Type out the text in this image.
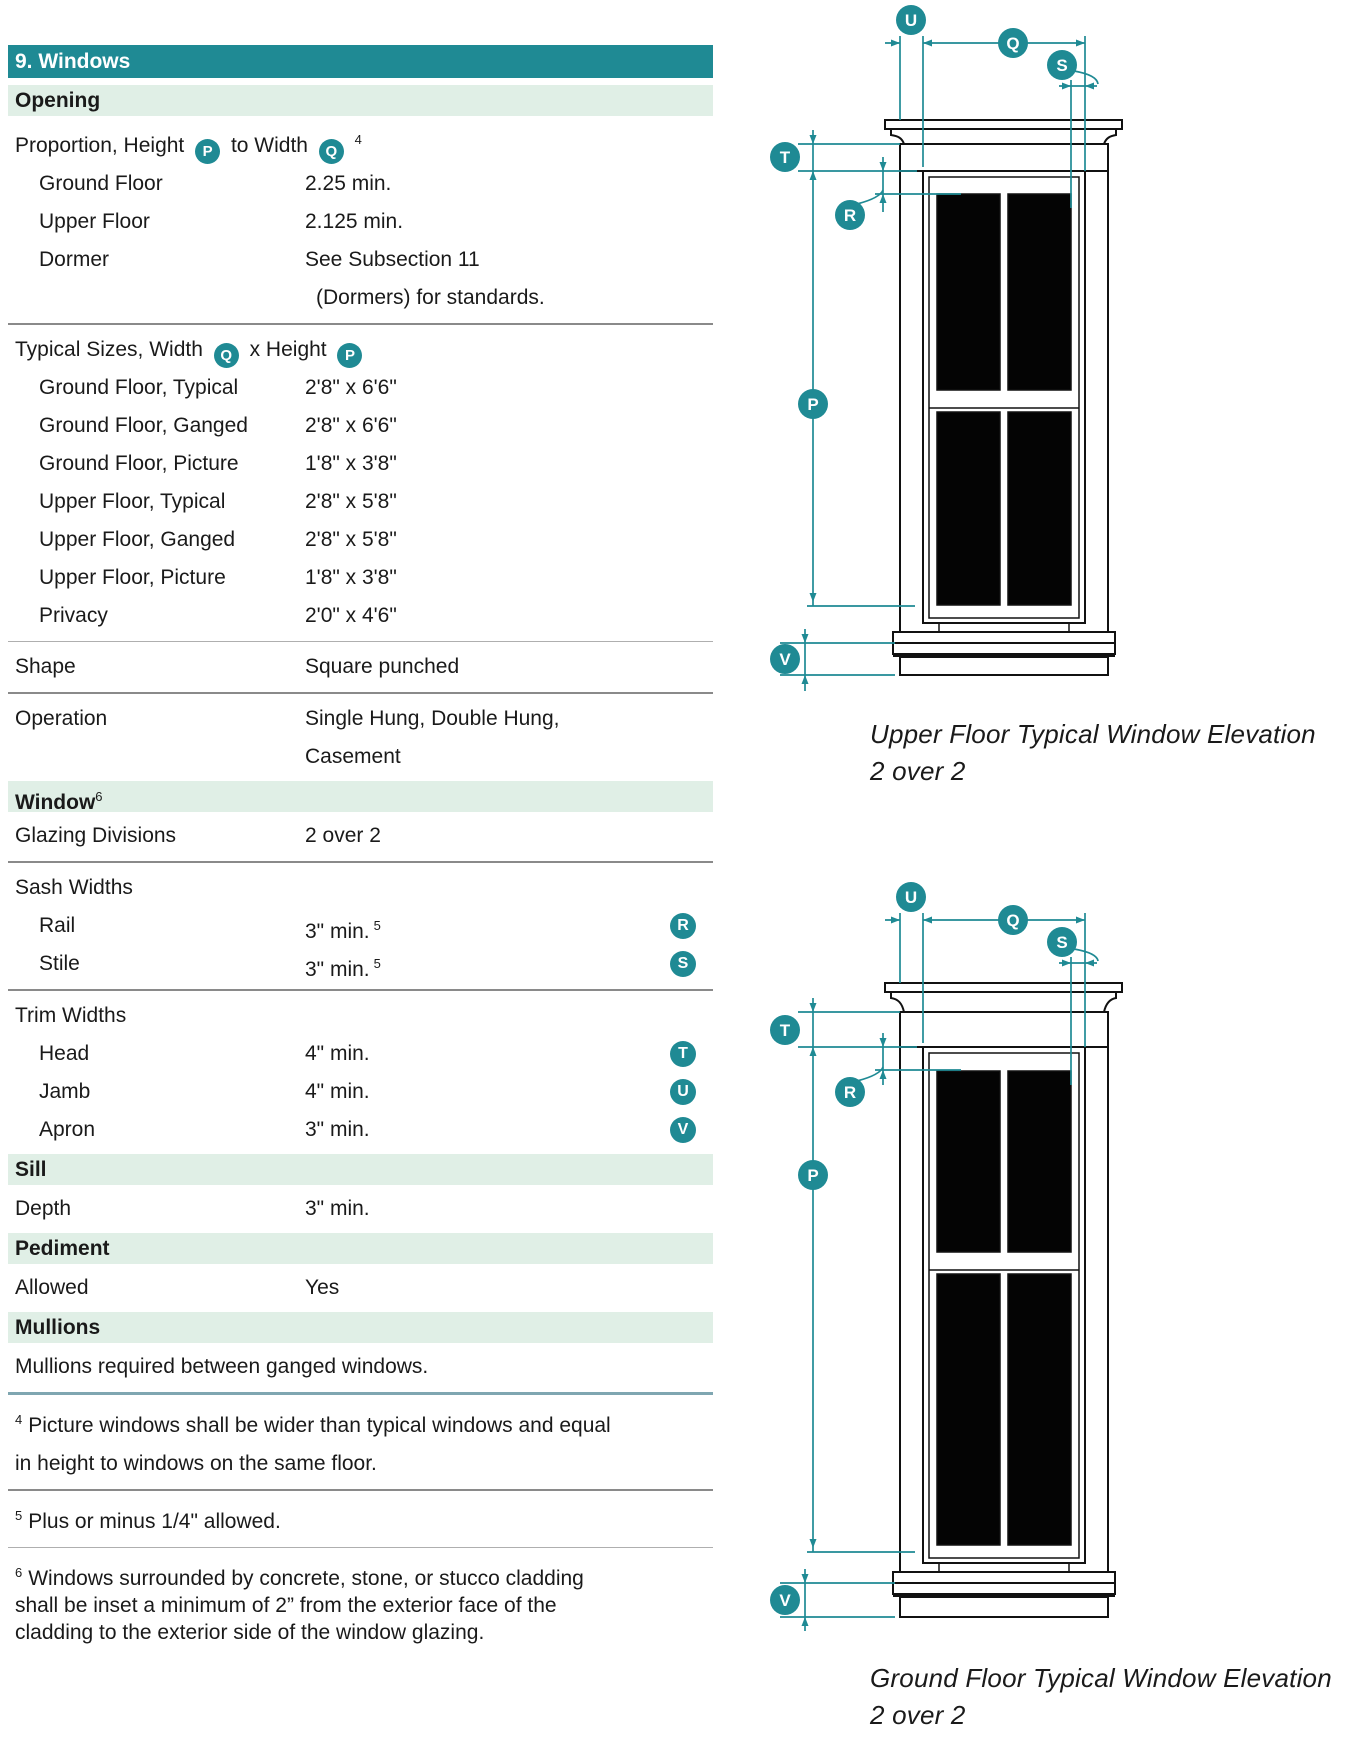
9. Windows
Opening
Proportion, Height P to Width Q $^4$
Ground Floor	2.25 min.
Upper Floor	2.125 min.
Dormer	See Subsection 11
(Dormers) for standards.
Typical Sizes, Width Q x Height P
Ground Floor, Typical	2'8" x 6'6"
Ground Floor, Ganged	2'8" x 6'6"
Ground Floor, Picture	1'8" x 3'8"
Upper Floor, Typical	2'8" x 5'8"
Upper Floor, Ganged	2'8" x 5'8"
Upper Floor, Picture	1'8" x 3'8"
Privacy	2'0" x 4'6"
Shape	Square punched
Operation	Single Hung, Double Hung,
Casement
Window$^6$
Glazing Divisions	2 over 2
Sash Widths
Rail	3" min. $^5$	R
Stile	3" min. $^5$	S
Trim Widths
Head	4" min.	T
Jamb	4" min.	U
Apron	3" min.	V
Sill
Depth	3" min.
Pediment
Allowed	Yes
Mullions
Mullions required between ganged windows.
$^4$ Picture windows shall be wider than typical windows and equal in height to windows on the same floor.
$^5$ Plus or minus 1/4" allowed.
$^6$ Windows surrounded by concrete, stone, or stucco cladding shall be inset a minimum of 2” from the exterior face of the cladding to the exterior side of the window glazing.
U
Q
S
T
R
P
V
Upper Floor Typical Window Elevation
2 over 2
U
Q
S
T
R
P
V
Ground Floor Typical Window Elevation
2 over 2
